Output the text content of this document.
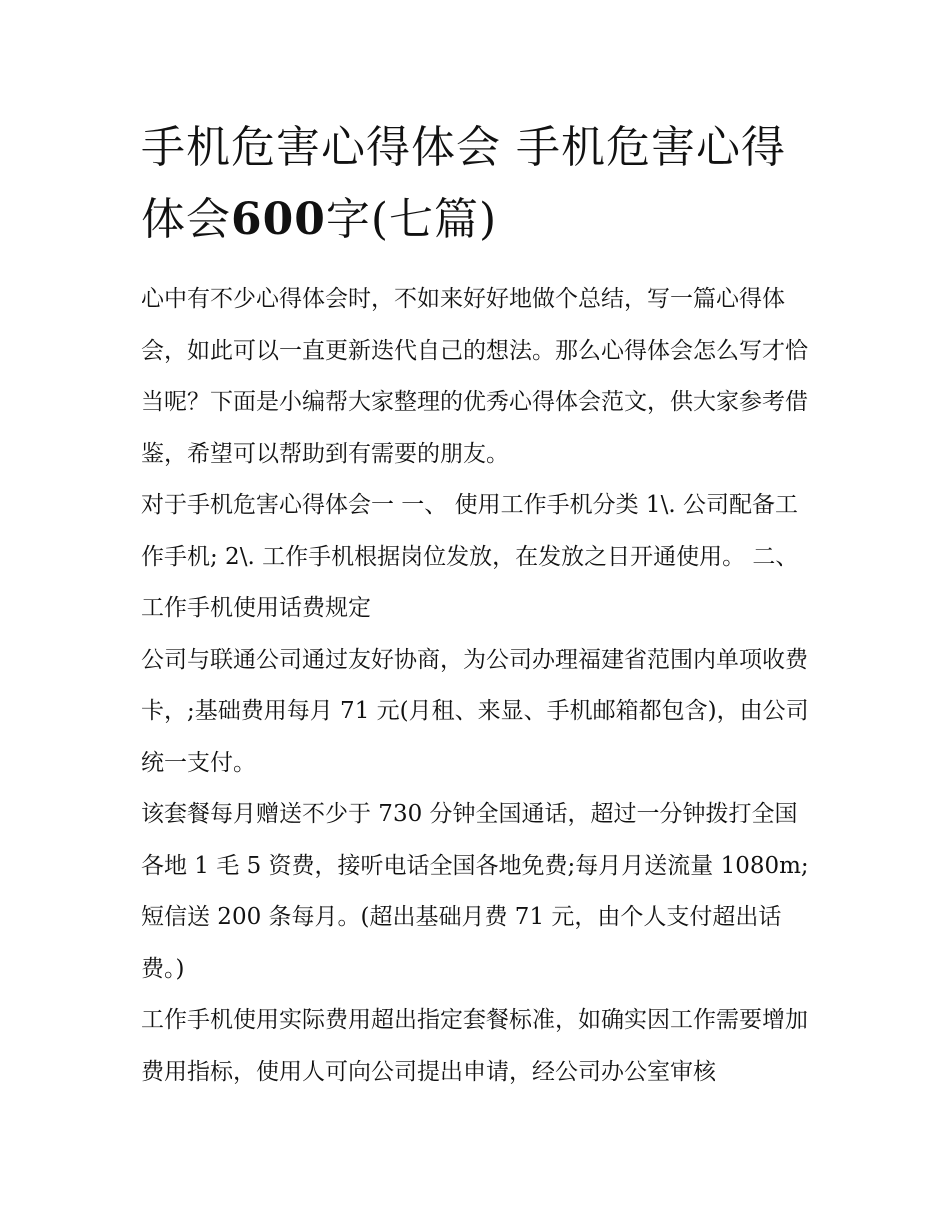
手机危害心得体会 手机危害心得体会600字(七篇)

心中有不少心得体会时，不如来好好地做个总结，写一篇心得体会，如此可以一直更新迭代自己的想法。那么心得体会怎么写才恰当呢？下面是小编帮大家整理的优秀心得体会范文，供大家参考借鉴，希望可以帮助到有需要的朋友。

对于手机危害心得体会一 一、 使用工作手机分类 1\. 公司配备工作手机; 2\. 工作手机根据岗位发放，在发放之日开通使用。 二、工作手机使用话费规定

公司与联通公司通过友好协商，为公司办理福建省范围内单项收费卡，;基础费用每月 71 元(月租、来显、手机邮箱都包含)，由公司统一支付。

该套餐每月赠送不少于 730 分钟全国通话，超过一分钟拨打全国各地 1 毛 5 资费，接听电话全国各地免费;每月月送流量 1080m;短信送 200 条每月。(超出基础月费 71 元，由个人支付超出话费。)

工作手机使用实际费用超出指定套餐标准，如确实因工作需要增加费用指标，使用人可向公司提出申请，经公司办公室审核
